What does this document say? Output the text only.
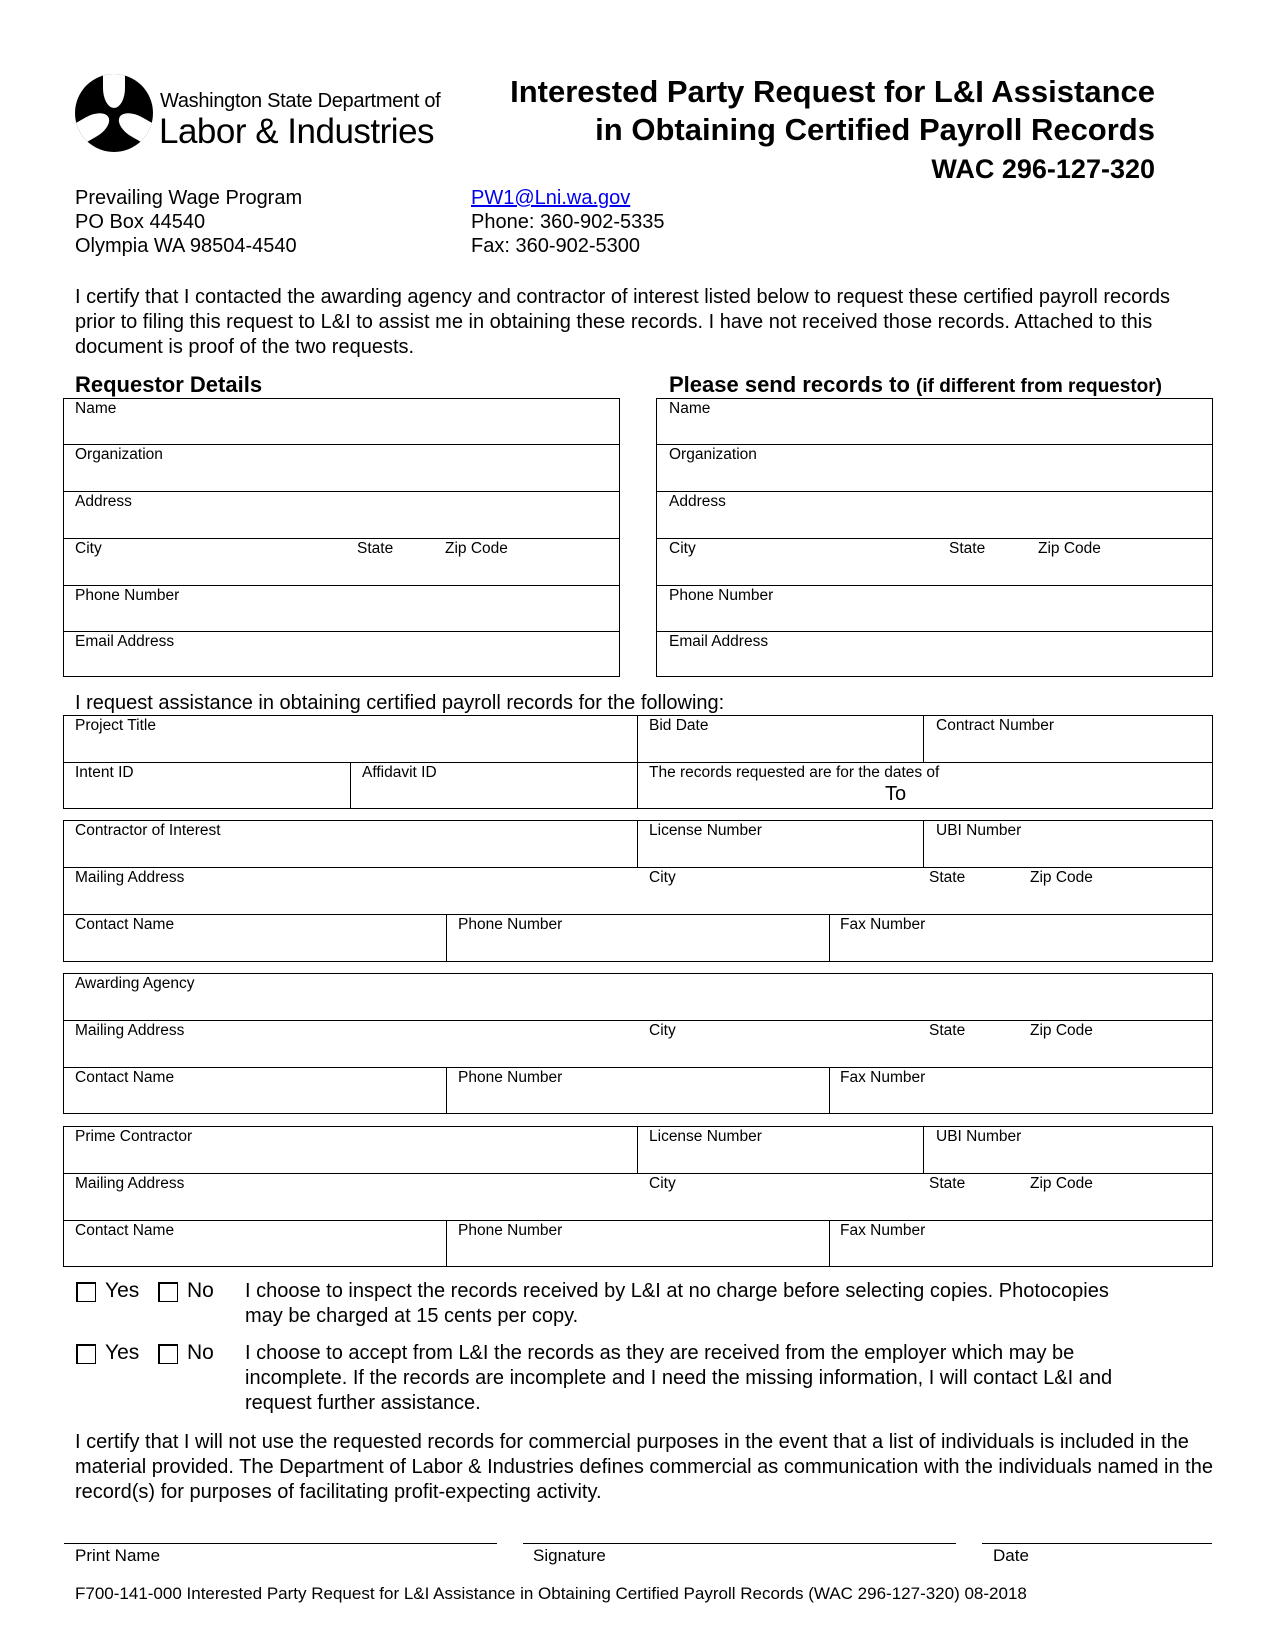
Washington State Department of
Labor & Industries
Interested Party Request for L&I Assistance
in Obtaining Certified Payroll Records
WAC 296-127-320
Prevailing Wage Program
PO Box 44540
Olympia WA 98504-4540
PW1@Lni.wa.gov
Phone: 360-902-5335
Fax: 360-902-5300
I certify that I contacted the awarding agency and contractor of interest listed below to request these certified payroll records prior to filing this request to L&I to assist me in obtaining these records. I have not received those records. Attached to this document is proof of the two requests.
Requestor Details	Please send records to (if different from requestor)
Name
Organization
Address
City	State	Zip Code
Phone Number
Email Address
Name
Organization
Address
City	State	Zip Code
Phone Number
Email Address
I request assistance in obtaining certified payroll records for the following:
Project Title	Bid Date	Contract Number
Intent ID	Affidavit ID	The records requested are for the dates of
To
Contractor of Interest	License Number	UBI Number
Mailing Address	City	State	Zip Code
Contact Name	Phone Number	Fax Number
Awarding Agency
Mailing Address	City	State	Zip Code
Contact Name	Phone Number	Fax Number
Prime Contractor	License Number	UBI Number
Mailing Address	City	State	Zip Code
Contact Name	Phone Number	Fax Number
Yes No I choose to inspect the records received by L&I at no charge before selecting copies. Photocopies
may be charged at 15 cents per copy.
Yes No I choose to accept from L&I the records as they are received from the employer which may be
incomplete. If the records are incomplete and I need the missing information, I will contact L&I and
request further assistance.
I certify that I will not use the requested records for commercial purposes in the event that a list of individuals is included in the material provided. The Department of Labor & Industries defines commercial as communication with the individuals named in the record(s) for purposes of facilitating profit-expecting activity.
Print Name	Signature	Date
F700-141-000 Interested Party Request for L&I Assistance in Obtaining Certified Payroll Records (WAC 296-127-320) 08-2018
